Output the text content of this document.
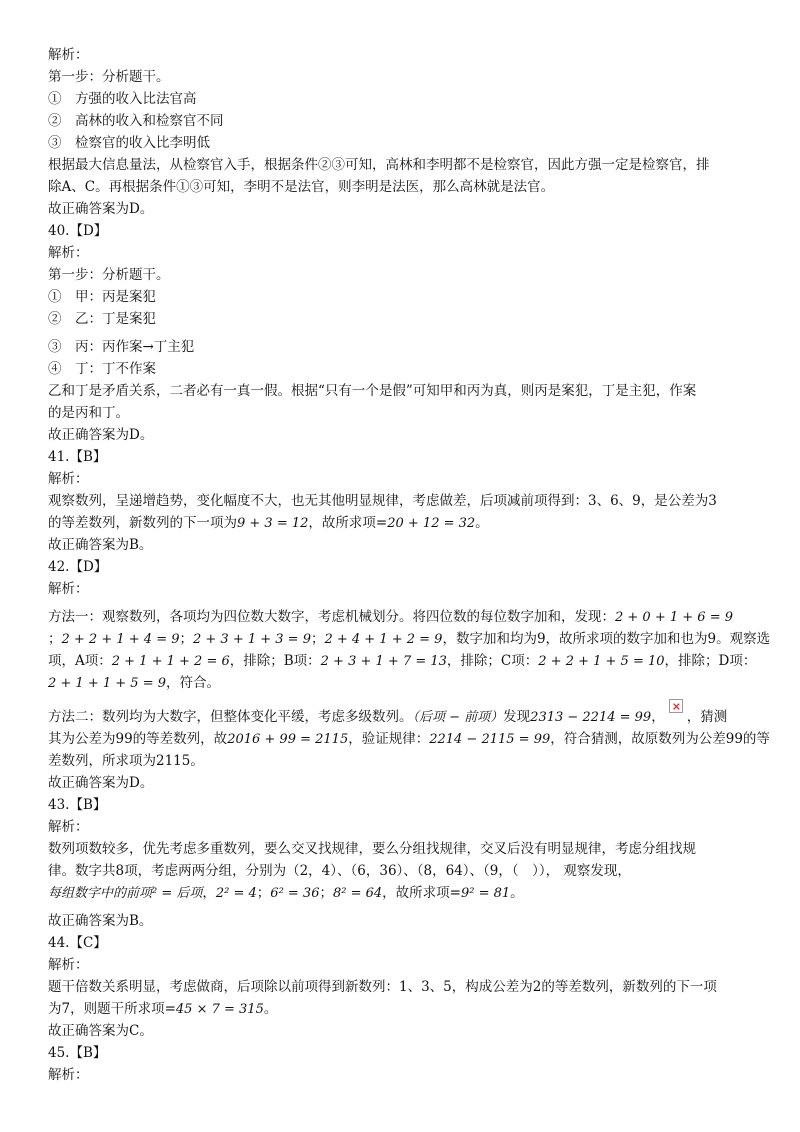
解析：
第一步：分析题干。
①　方强的收入比法官高
②　高林的收入和检察官不同
③　检察官的收入比李明低
根据最大信息量法，从检察官入手，根据条件②③可知，高林和李明都不是检察官，因此方强一定是检察官，排
除A、C。再根据条件①③可知，李明不是法官，则李明是法医，那么高林就是法官。
故正确答案为D。
40.【D】
解析：
第一步：分析题干。
①　甲：丙是案犯
②　乙：丁是案犯
③　丙：丙作案→丁主犯
④　丁：丁不作案
乙和丁是矛盾关系，二者必有一真一假。根据“只有一个是假”可知甲和丙为真，则丙是案犯，丁是主犯，作案
的是丙和丁。
故正确答案为D。
41.【B】
解析：
观察数列，呈递增趋势，变化幅度不大，也无其他明显规律，考虑做差，后项减前项得到：3、6、9，是公差为3
的等差数列，新数列的下一项为9 + 3 = 12，故所求项=20 + 12 = 32。
故正确答案为B。
42.【D】
解析：
方法一：观察数列，各项均为四位数大数字，考虑机械划分。将四位数的每位数字加和，发现：2 + 0 + 1 + 6 = 9
；2 + 2 + 1 + 4 = 9；2 + 3 + 1 + 3 = 9；2 + 4 + 1 + 2 = 9，数字加和均为9，故所求项的数字加和也为9。观察选
项，A项：2 + 1 + 1 + 2 = 6，排除；B项：2 + 3 + 1 + 7 = 13，排除；C项：2 + 2 + 1 + 5 = 10，排除；D项：
2 + 1 + 1 + 5 = 9，符合。
方法二：数列均为大数字，但整体变化平缓，考虑多级数列。（后项 − 前项）发现2313 − 2214 = 99，× ，猜测
其为公差为99的等差数列，故2016 + 99 = 2115，验证规律：2214 − 2115 = 99，符合猜测，故原数列为公差99的等
差数列，所求项为2115。
故正确答案为D。
43.【B】
解析：
数列项数较多，优先考虑多重数列，要么交叉找规律，要么分组找规律，交叉后没有明显规律，考虑分组找规
律。数字共8项，考虑两两分组，分别为（2，4）、（6，36）、（8，64）、（9，（　））， 观察发现，
每组数字中的前项² = 后项，2² = 4；6² = 36；8² = 64，故所求项=9² = 81。
故正确答案为B。
44.【C】
解析：
题干倍数关系明显，考虑做商，后项除以前项得到新数列：1、3、5，构成公差为2的等差数列，新数列的下一项
为7，则题干所求项=45 × 7 = 315。
故正确答案为C。
45.【B】
解析：
